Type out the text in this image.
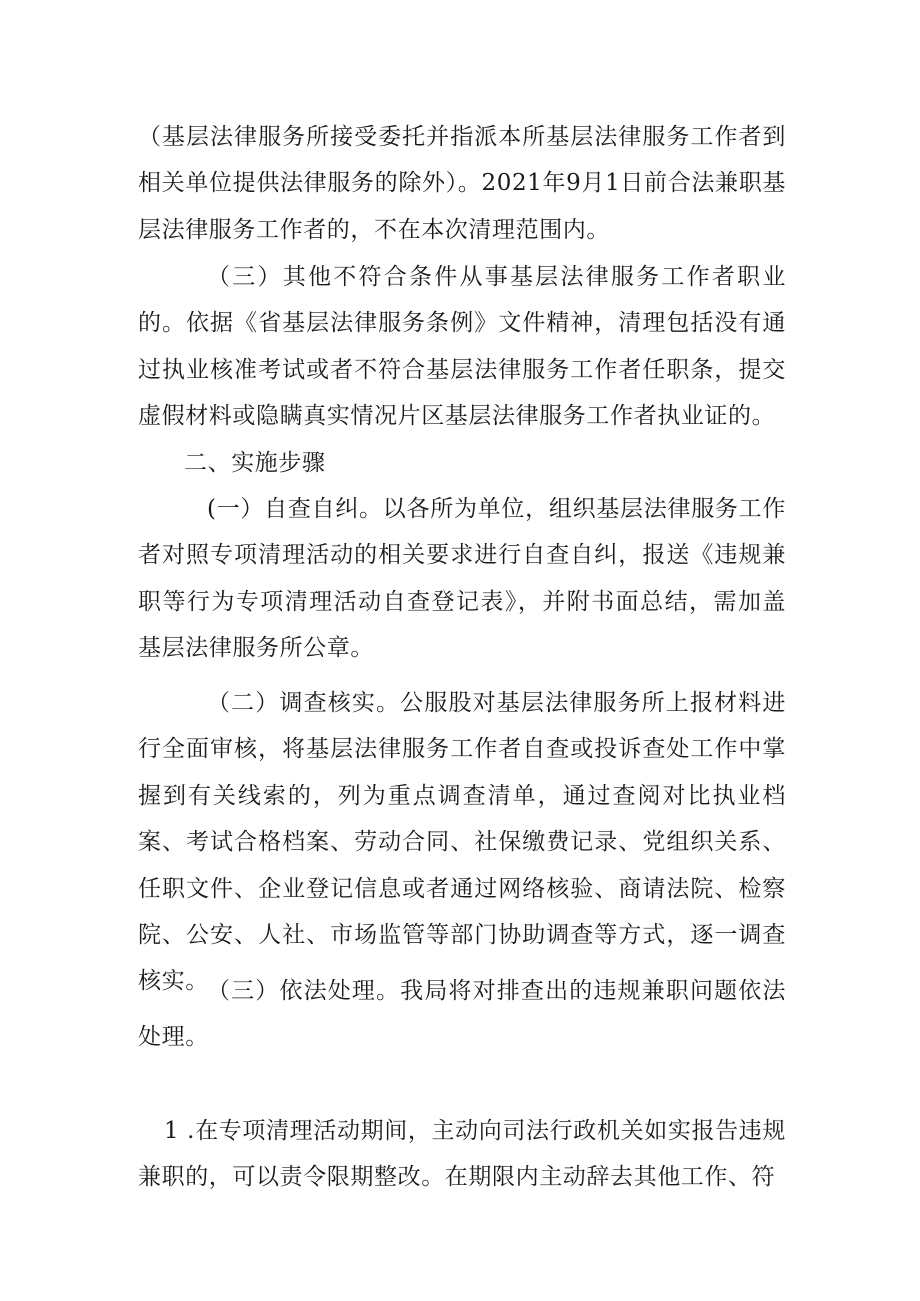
（基层法律服务所接受委托并指派本所基层法律服务工作者到相关单位提供法律服务的除外）。2021年9月1日前合法兼职基层法律服务工作者的，不在本次清理范围内。

（三）其他不符合条件从事基层法律服务工作者职业的。依据《省基层法律服务条例》文件精神，清理包括没有通过执业核准考试或者不符合基层法律服务工作者任职条，提交虚假材料或隐瞒真实情况片区基层法律服务工作者执业证的。

二、实施步骤

(一）自查自纠。以各所为单位，组织基层法律服务工作者对照专项清理活动的相关要求进行自查自纠，报送《违规兼职等行为专项清理活动自查登记表》，并附书面总结，需加盖基层法律服务所公章。

（二）调查核实。公服股对基层法律服务所上报材料进行全面审核，将基层法律服务工作者自查或投诉查处工作中掌握到有关线索的，列为重点调查清单，通过查阅对比执业档案、考试合格档案、劳动合同、社保缴费记录、党组织关系、任职文件、企业登记信息或者通过网络核验、商请法院、检察院、公安、人社、市场监管等部门协助调查等方式，逐一调查核实。

（三）依法处理。我局将对排查出的违规兼职问题依法处理。

1 .在专项清理活动期间，主动向司法行政机关如实报告违规兼职的，可以责令限期整改。在期限内主动辞去其他工作、符
